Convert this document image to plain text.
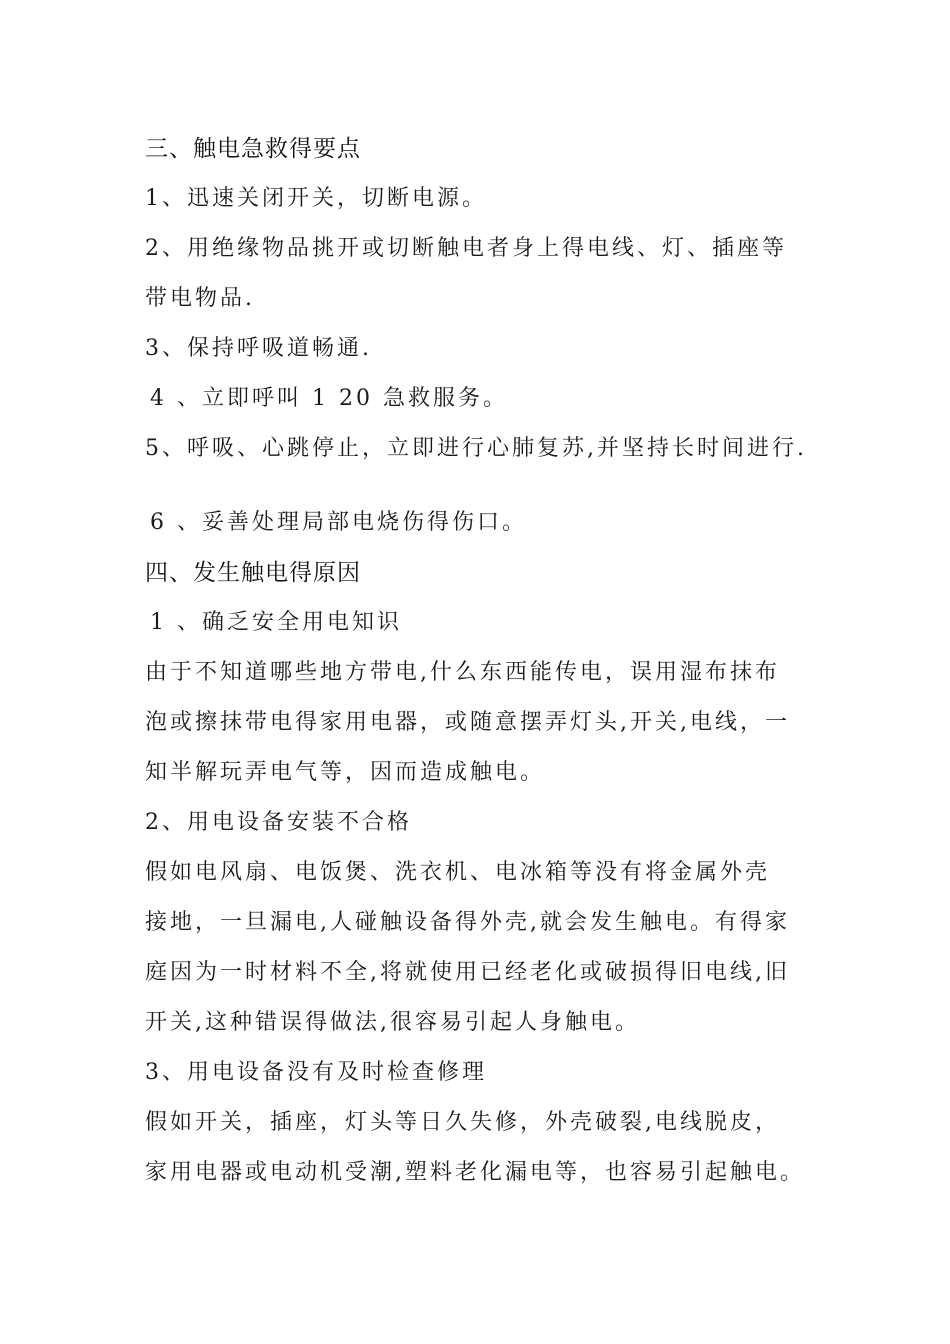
三、触电急救得要点
1、迅速关闭开关，切断电源。
2、用绝缘物品挑开或切断触电者身上得电线、灯、插座等
带电物品.
3、保持呼吸道畅通.
4 、立即呼叫 1 20 急救服务。
5、呼吸、心跳停止，立即进行心肺复苏,并坚持长时间进行.
6 、妥善处理局部电烧伤得伤口。
四、发生触电得原因
1 、确乏安全用电知识
由于不知道哪些地方带电,什么东西能传电，误用湿布抹布
泡或擦抹带电得家用电器，或随意摆弄灯头,开关,电线，一
知半解玩弄电气等，因而造成触电。
2、用电设备安装不合格
假如电风扇、电饭煲、洗衣机、电冰箱等没有将金属外壳
接地，一旦漏电,人碰触设备得外壳,就会发生触电。有得家
庭因为一时材料不全,将就使用已经老化或破损得旧电线,旧
开关,这种错误得做法,很容易引起人身触电。
3、用电设备没有及时检查修理
假如开关，插座，灯头等日久失修，外壳破裂,电线脱皮，
家用电器或电动机受潮,塑料老化漏电等，也容易引起触电。
